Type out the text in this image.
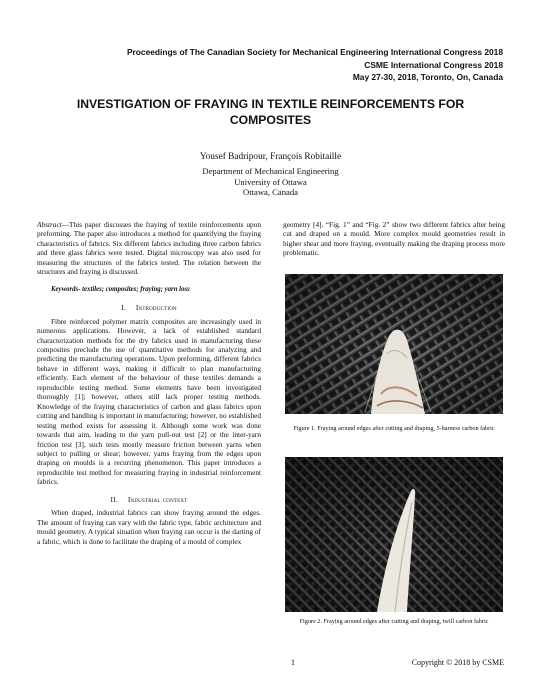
Proceedings of The Canadian Society for Mechanical Engineering International Congress 2018
CSME International Congress 2018
May 27-30, 2018, Toronto, On, Canada
INVESTIGATION OF FRAYING IN TEXTILE REINFORCEMENTS FOR COMPOSITES
Yousef Badripour, François Robitaille
Department of Mechanical Engineering
University of Ottawa
Ottawa, Canada
Abstract—This paper discusses the fraying of textile reinforcements upon preforming. The paper also introduces a method for quantifying the fraying characteristics of fabrics. Six different fabrics including three carbon fabrics and three glass fabrics were tested. Digital microscopy was also used for measuring the structures of the fabrics tested. The relation between the structures and fraying is discussed.
Keywords- textiles; composites; fraying; yarn loss
I. Introduction

Fibre reinforced polymer matrix composites are increasingly used in numerous applications. However, a lack of established standard characterization methods for the dry fabrics used in manufacturing these composites preclude the use of quantitative methods for analyzing and predicting the manufacturing operations. Upon preforming, different fabrics behave in different ways, making it difficult to plan manufacturing efficiently. Each element of the behaviour of these textiles demands a reproducible testing method. Some elements have been investigated thoroughly [1]; however, others still lack proper testing methods. Knowledge of the fraying characteristics of carbon and glass fabrics upon cutting and handling is important in manufacturing; however, no established testing method exists for assessing it. Although some work was done towards that aim, leading to the yarn pull-out test [2] or the inter-yarn friction test [3], such tests mostly measure friction between yarns when subject to pulling or shear; however, yarns fraying from the edges upon draping on moulds is a recurring phenomenon. This paper introduces a reproducible test method for measuring fraying in industrial reinforcement fabrics.

II. Industrial context

When draped, industrial fabrics can show fraying around the edges. The amount of fraying can vary with the fabric type, fabric architecture and mould geometry. A typical situation when fraying can occur is the darting of a fabric, which is done to facilitate the draping of a mould of complex

geometry [4]. “Fig. 1” and “Fig. 2” show two different fabrics after being cut and draped on a mould. More complex mould geometries result in higher shear and more fraying, eventually making the draping process more problematic.

Figure 1. Fraying around edges after cutting and draping, 5-harness carbon fabric
Figure 2. Fraying around edges after cutting and draping, twill carbon fabric
1	Copyright © 2018 by CSME
